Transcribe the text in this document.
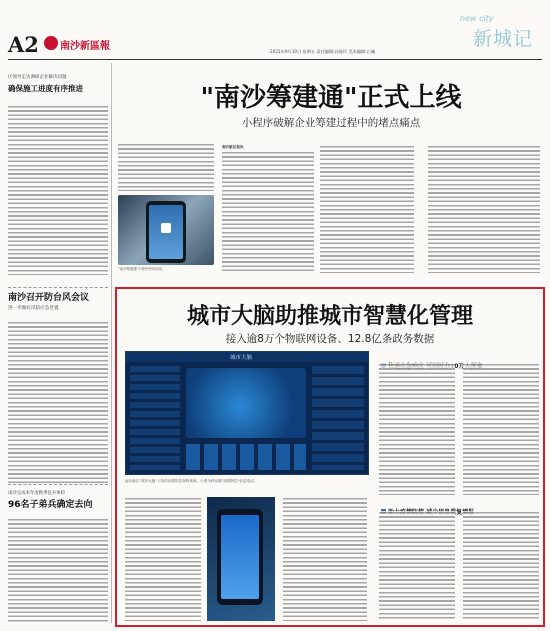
A2 南沙新區報	2021年9月10日 星期五 责任编辑:孙俊玲 美术编辑:石巍
new city
新城记
区领导走访调研企业解决问题
确保施工进度有序推进
南沙召开防台风会议
进一步做好汛防应急处置
南沙完成本年度秋季征兵体检
96名子弟兵确定去向
"南沙筹建通"正式上线
小程序破解企业筹建过程中的堵点痛点
"南沙筹建通"小程序使用页面。
南沙新区报讯
城市大脑助推城市智慧化管理
接入逾8万个物联网设备、12.8亿条政务数据
城市大脑
南沙新区"城市大脑"上线的疫情防控指挥系统。小型为移动端"疫情防控"信息电话。
